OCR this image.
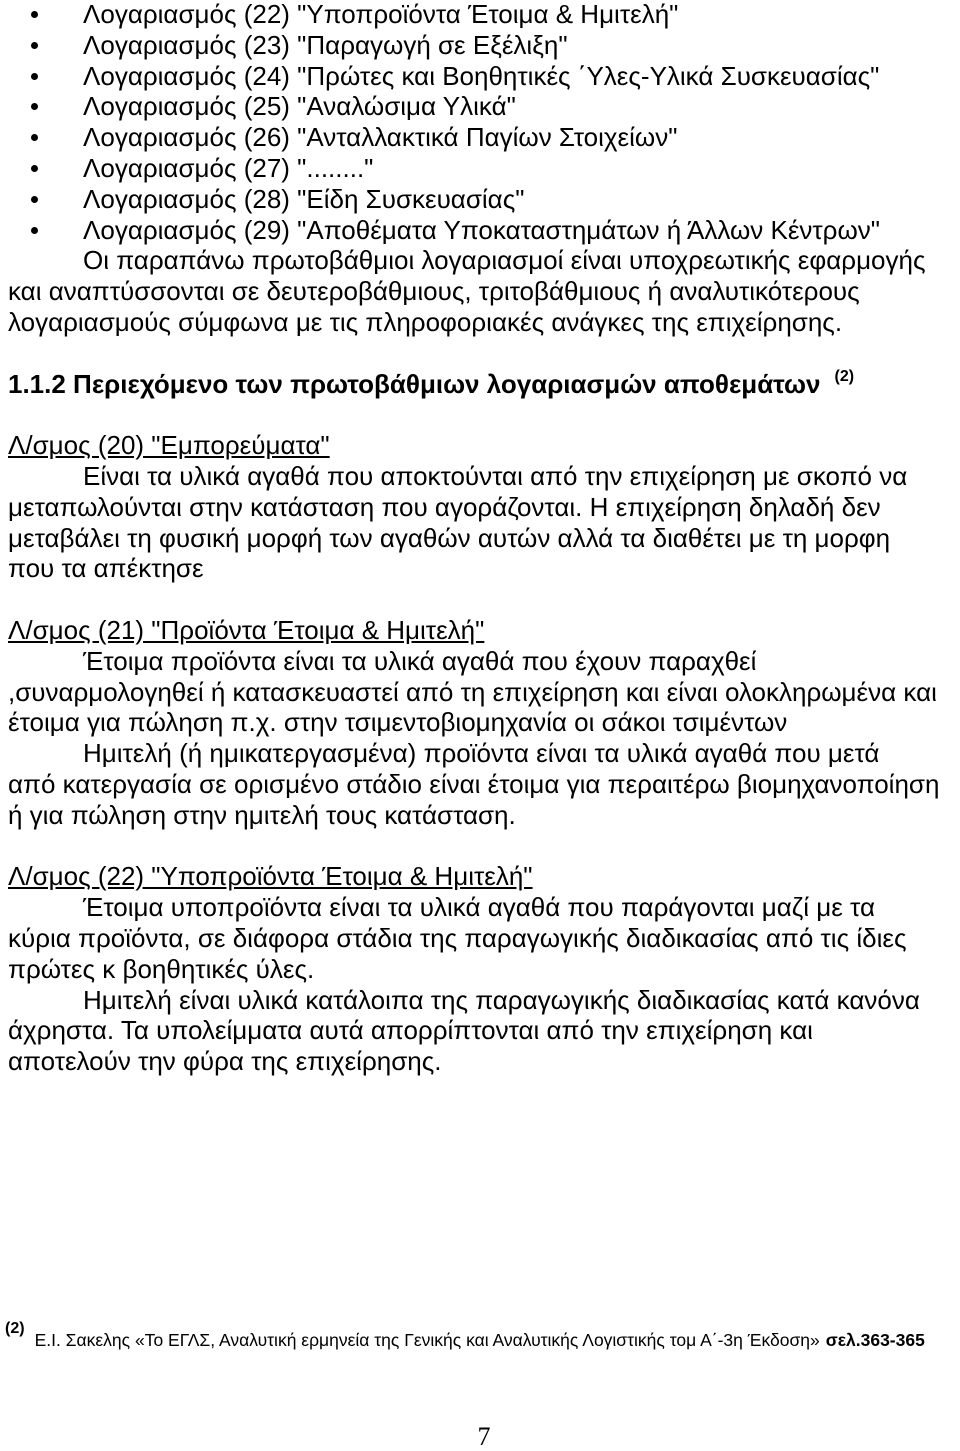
Λογαριασμός (22) "Υποπροϊόντα Έτοιμα & Ημιτελή"
Λογαριασμός (23) "Παραγωγή σε Εξέλιξη"
Λογαριασμός (24) "Πρώτες και Βοηθητικές ΄Υλες-Υλικά Συσκευασίας"
Λογαριασμός (25) "Αναλώσιμα Υλικά"
Λογαριασμός (26) "Ανταλλακτικά Παγίων Στοιχείων"
Λογαριασμός (27) "........"
Λογαριασμός (28) "Είδη Συσκευασίας"
Λογαριασμός (29) "Αποθέματα Υποκαταστημάτων ή Άλλων Κέντρων"
Οι παραπάνω πρωτοβάθμιοι λογαριασμοί είναι υποχρεωτικής εφαρμογής
και αναπτύσσονται σε δευτεροβάθμιους, τριτοβάθμιους ή αναλυτικότερους
λογαριασμούς σύμφωνα με τις πληροφοριακές ανάγκες της επιχείρησης.
1.1.2 Περιεχόμενο των πρωτοβάθμιων λογαριασμών αποθεμάτων $^{(2)}$
Λ/σμος (20) "Εμπορεύματα"
Είναι τα υλικά αγαθά που αποκτούνται από την επιχείρηση με σκοπό να
μεταπωλούνται στην κατάσταση που αγοράζονται. Η επιχείρηση δηλαδή δεν
μεταβάλει τη φυσική μορφή των αγαθών αυτών αλλά τα διαθέτει με τη μορφη
που τα απέκτησε
Λ/σμος (21) "Προϊόντα Έτοιμα & Ημιτελή"
Έτοιμα προϊόντα είναι τα υλικά αγαθά που έχουν παραχθεί
,συναρμολογηθεί ή κατασκευαστεί από τη επιχείρηση και είναι ολοκληρωμένα και
έτοιμα για πώληση π.χ. στην τσιμεντοβιομηχανία οι σάκοι τσιμέντων
Ημιτελή (ή ημικατεργασμένα) προϊόντα είναι τα υλικά αγαθά που μετά
από κατεργασία σε ορισμένο στάδιο είναι έτοιμα για περαιτέρω βιομηχανοποίηση
ή για πώληση στην ημιτελή τους κατάσταση.
Λ/σμος (22) "Υποπροϊόντα Έτοιμα & Ημιτελή"
Έτοιμα υποπροϊόντα είναι τα υλικά αγαθά που παράγονται μαζί με τα
κύρια προϊόντα, σε διάφορα στάδια της παραγωγικής διαδικασίας από τις ίδιες
πρώτες κ βοηθητικές ύλες.
Ημιτελή είναι υλικά κατάλοιπα της παραγωγικής διαδικασίας κατά κανόνα
άχρηστα. Τα υπολείμματα αυτά απορρίπτονται από την επιχείρηση και
αποτελούν την φύρα της επιχείρησης.
(2)Ε.Ι. Σακελης «Το ΕΓΛΣ, Αναλυτική ερμηνεία της Γενικής και Αναλυτικής Λογιστικής τομ Α΄-3η Έκδοση» σελ.363-365
7
